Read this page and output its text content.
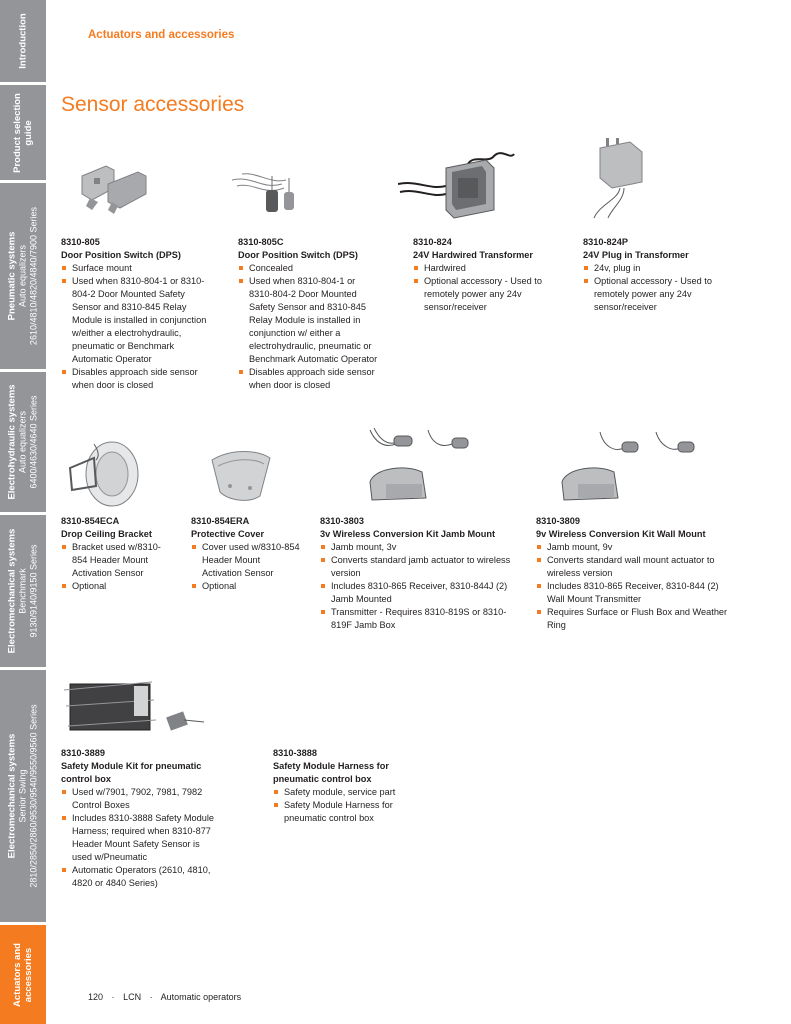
Introduction
Product selection guide
Pneumatic systems Auto equalizers 2610/4810/4820/4840/7900 Series
Electrohydraulic systems Auto equalizers 6400/4630/4640 Series
Electromechanical systems Benchmark 9130/9140/9150 Series
Electromechanical systems Senior Swing 2810/2850/2860/9530/9540/9550/9560 Series
Actuators and accessories
Actuators and accessories
Sensor accessories
8310-805
Door Position Switch (DPS)
Surface mount
Used when 8310-804-1 or 8310-804-2 Door Mounted Safety Sensor and 8310-845 Relay Module is installed in conjunction w/either a electrohydraulic, pneumatic or Benchmark Automatic Operator
Disables approach side sensor when door is closed
8310-805C
Door Position Switch (DPS)
Concealed
Used when 8310-804-1 or 8310-804-2 Door Mounted Safety Sensor and 8310-845 Relay Module is installed in conjunction w/ either a electrohydraulic, pneumatic or Benchmark Automatic Operator
Disables approach side sensor when door is closed
8310-824
24V Hardwired Transformer
Hardwired
Optional accessory - Used to remotely power any 24v sensor/receiver
8310-824P
24V Plug in Transformer
24v, plug in
Optional accessory - Used to remotely power any 24v sensor/receiver
8310-854ECA
Drop Ceiling Bracket
Bracket used w/8310-854 Header Mount Activation Sensor
Optional
8310-854ERA
Protective Cover
Cover used w/8310-854 Header Mount Activation Sensor
Optional
8310-3803
3v Wireless Conversion Kit Jamb Mount
Jamb mount, 3v
Converts standard jamb actuator to wireless version
Includes 8310-865 Receiver, 8310-844J (2) Jamb Mounted
Transmitter - Requires 8310-819S or 8310-819F Jamb Box
8310-3809
9v Wireless Conversion Kit Wall Mount
Jamb mount, 9v
Converts standard wall mount actuator to wireless version
Includes 8310-865 Receiver, 8310-844 (2) Wall Mount Transmitter
Requires Surface or Flush Box and Weather Ring
8310-3889
Safety Module Kit for pneumatic control box
Used w/7901, 7902, 7981, 7982 Control Boxes
Includes 8310-3888 Safety Module Harness; required when 8310-877 Header Mount Safety Sensor is used w/Pneumatic
Automatic Operators (2610, 4810, 4820 or 4840 Series)
8310-3888
Safety Module Harness for pneumatic control box
Safety module, service part
Safety Module Harness for pneumatic control box
120 · LCN · Automatic operators
